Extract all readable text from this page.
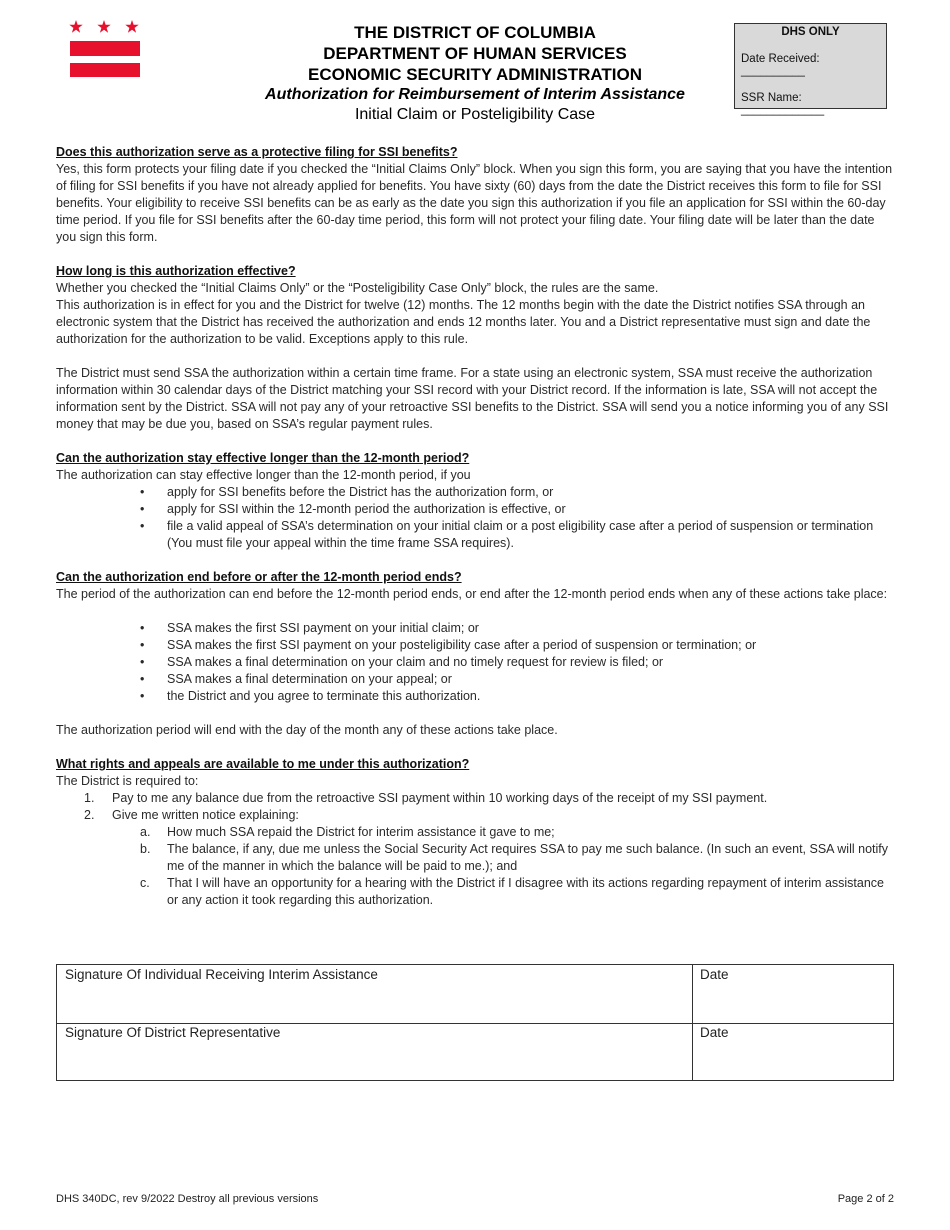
THE DISTRICT OF COLUMBIA
DEPARTMENT OF HUMAN SERVICES
ECONOMIC SECURITY ADMINISTRATION
Authorization for Reimbursement of Interim Assistance
Initial Claim or Posteligibility Case
DHS ONLY
Date Received: __________
SSR Name: _____________

Does this authorization serve as a protective filing for SSI benefits?

Yes, this form protects your filing date if you checked the “Initial Claims Only” block. When you sign this form, you are saying that you have the intention of filing for SSI benefits if you have not already applied for benefits. You have sixty (60) days from the date the District receives this form to file for SSI benefits. Your eligibility to receive SSI benefits can be as early as the date you sign this authorization if you file an application for SSI within the 60-day time period. If you file for SSI benefits after the 60-day time period, this form will not protect your filing date. Your filing date will be later than the date you sign this form.

How long is this authorization effective?

Whether you checked the “Initial Claims Only” or the “Posteligibility Case Only” block, the rules are the same.

This authorization is in effect for you and the District for twelve (12) months. The 12 months begin with the date the District notifies SSA through an electronic system that the District has received the authorization and ends 12 months later. You and a District representative must sign and date the authorization for the authorization to be valid. Exceptions apply to this rule.

The District must send SSA the authorization within a certain time frame. For a state using an electronic system, SSA must receive the authorization information within 30 calendar days of the District matching your SSI record with your District record. If the information is late, SSA will not accept the information sent by the District. SSA will not pay any of your retroactive SSI benefits to the District. SSA will send you a notice informing you of any SSI money that may be due you, based on SSA’s regular payment rules.

Can the authorization stay effective longer than the 12-month period?

The authorization can stay effective longer than the 12-month period, if you

• apply for SSI benefits before the District has the authorization form, or
• apply for SSI within the 12-month period the authorization is effective, or
• file a valid appeal of SSA’s determination on your initial claim or a post eligibility case after a period of suspension or termination (You must file your appeal within the time frame SSA requires).

Can the authorization end before or after the 12-month period ends?

The period of the authorization can end before the 12-month period ends, or end after the 12-month period ends when any of these actions take place:

• SSA makes the first SSI payment on your initial claim; or
• SSA makes the first SSI payment on your posteligibility case after a period of suspension or termination; or
• SSA makes a final determination on your claim and no timely request for review is filed; or
• SSA makes a final determination on your appeal; or
• the District and you agree to terminate this authorization.

The authorization period will end with the day of the month any of these actions take place.

What rights and appeals are available to me under this authorization?

The District is required to:

1. Pay to me any balance due from the retroactive SSI payment within 10 working days of the receipt of my SSI payment.
2. Give me written notice explaining:
a. How much SSA repaid the District for interim assistance it gave to me;
b. The balance, if any, due me unless the Social Security Act requires SSA to pay me such balance. (In such an event, SSA will notify me of the manner in which the balance will be paid to me.); and
c. That I will have an opportunity for a hearing with the District if I disagree with its actions regarding repayment of interim assistance or any action it took regarding this authorization.
Signature Of Individual Receiving Interim Assistance	Date
Signature Of District Representative	Date
DHS 340DC, rev 9/2022 Destroy all previous versions	Page 2 of 2
